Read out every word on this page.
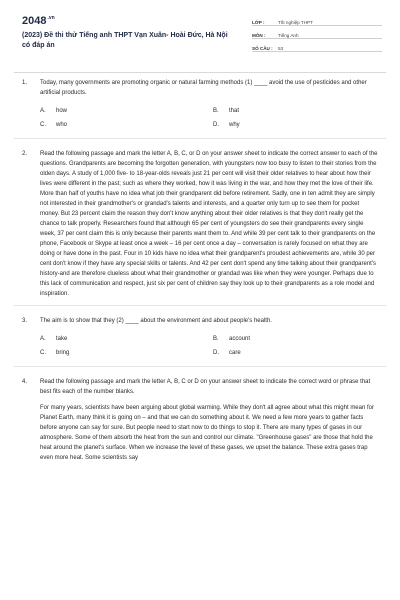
$2048^{.vn}$
(2023) Đề thi thử Tiếng anh THPT Vạn Xuân- Hoài Đức, Hà Nội có đáp án
LỚP :	Tốt nghiệp THPT
MÔN :	Tiếng Anh
SỐ CÂU :	53
1. Today, many governments are promoting organic or natural farming methods (1) ____ avoid the use of pesticides and other artificial products.
A.	how	B.	that
C.	who	D.	why
2. Read the following passage and mark the letter A, B, C, or D on your answer sheet to indicate the correct answer to each of the questions. Grandparents are becoming the forgotten generation, with youngsters now too busy to listen to their stories from the olden days. A study of 1,000 five- to 18-year-olds reveals just 21 per cent will visit their older relatives to hear about how their lives were different in the past; such as where they worked, how it was living in the war, and how they met the love of their life. More than half of youths have no idea what job their grandparent did before retirement. Sadly, one in ten admit they are simply not interested in their grandmother's or grandad's talents and interests, and a quarter only turn up to see them for pocket money. But 23 percent claim the reason they don't know anything about their older relatives is that they don't really get the chance to talk properly. Researchers found that although 65 per cent of youngsters do see their grandparents every single week, 37 per cent claim this is only because their parents want them to. And while 39 per cent talk to their grandparents on the phone, Facebook or Skype at least once a week – 16 per cent once a day – conversation is rarely focused on what they are doing or have done in the past. Four in 10 kids have no idea what their grandparent's proudest achievements are, while 30 per cent don't know if they have any special skills or talents. And 42 per cent don't spend any time talking about their grandparent's history-and are therefore clueless about what their grandmother or grandad was like when they were younger. Perhaps due to this lack of communication and respect, just six per cent of children say they look up to their grandparents as a role model and inspiration.
3. The aim is to show that they (2) ____ about the environment and about people's health.
A.	take	B.	account
C.	bring	D.	care
4. Read the following passage and mark the letter A, B, C or D on your answer sheet to indicate the correct word or phrase that best fits each of the number blanks.
For many years, scientists have been arguing about global warming. While they don't all agree about what this might mean for Planet Earth, many think it is going on – and that we can do something about it. We need a few more years to gather facts before anyone can say for sure. But people need to start now to do things to stop it. There are many types of gases in our atmosphere. Some of them absorb the heat from the sun and control our climate. "Greenhouse gases" are those that hold the heat around the planet's surface. When we increase the level of these gases, we upset the balance. These extra gases trap even more heat. Some scientists say
